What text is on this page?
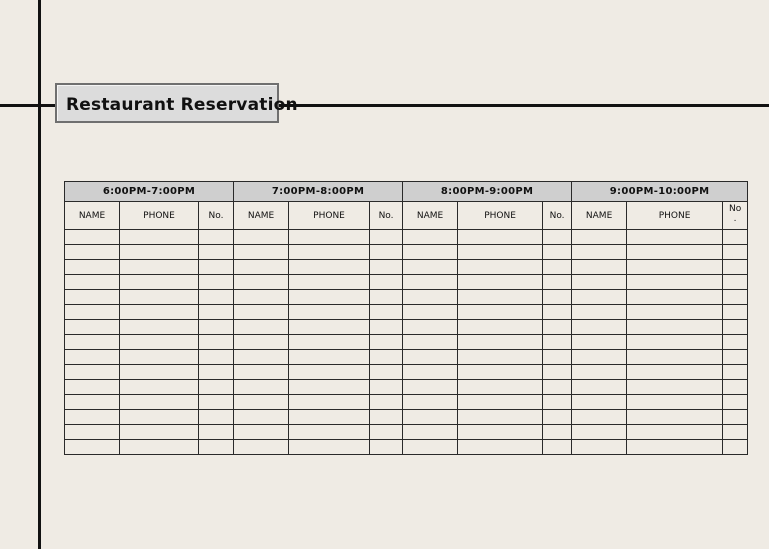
Restaurant Reservation
6:00PM-7:00PM			7:00PM-8:00PM			8:00PM-9:00PM			9:00PM-10:00PM		
NAME	PHONE	No.	NAME	PHONE	No.	NAME	PHONE	No.	NAME	PHONE	No
.
